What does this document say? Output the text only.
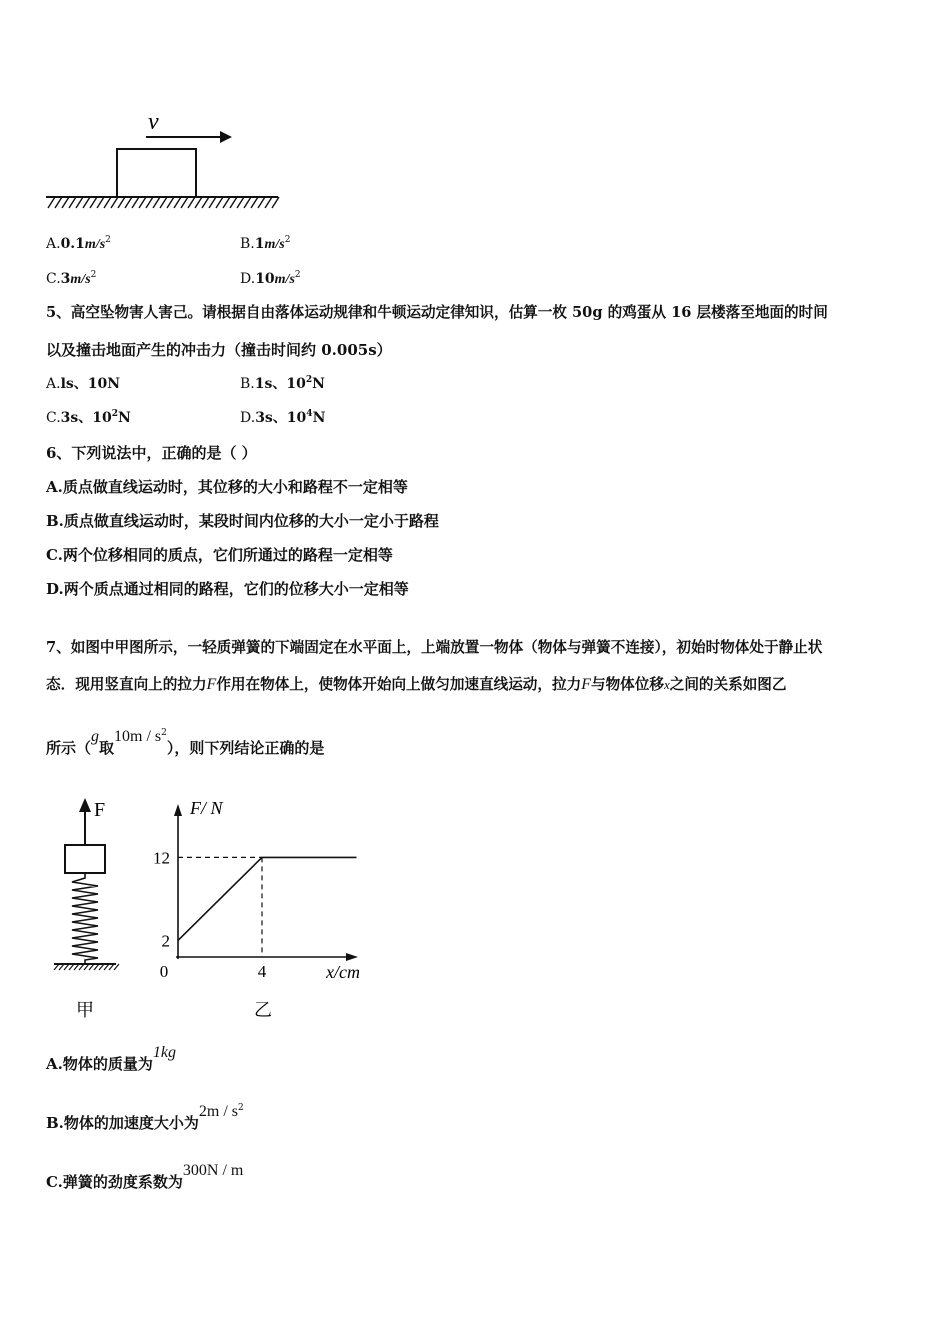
v
$A.0.1m/s^2$	$B.1m/s^2$
$C.3m/s^2$	$D.10m/s^2$
5、高空坠物害人害己。请根据自由落体运动规律和牛顿运动定律知识，估算一枚 50g 的鸡蛋从 16 层楼落至地面的时间
以及撞击地面产生的冲击力（撞击时间约 0.005s）
A.ls、10N	B.1s、$10^2N$
C.3s、$10^2N$	D.3s、$10^4N$
6、下列说法中，正确的是（ ）
A.质点做直线运动时，其位移的大小和路程不一定相等
B.质点做直线运动时，某段时间内位移的大小一定小于路程
C.两个位移相同的质点，它们所通过的路程一定相等
D.两个质点通过相同的路程，它们的位移大小一定相等
7、如图中甲图所示，一轻质弹簧的下端固定在水平面上，上端放置一物体（物体与弹簧不连接），初始时物体处于静止状
态．现用竖直向上的拉力F作用在物体上，使物体开始向上做匀加速直线运动，拉力F与物体位移x之间的关系如图乙
所示（g取$10m / s^2$），则下列结论正确的是
F
甲
12
2
0	4
F/ N
x/cm
乙
A.物体的质量为1kg
B.物体的加速度大小为$2m / s^2$
C.弹簧的劲度系数为300N / m
